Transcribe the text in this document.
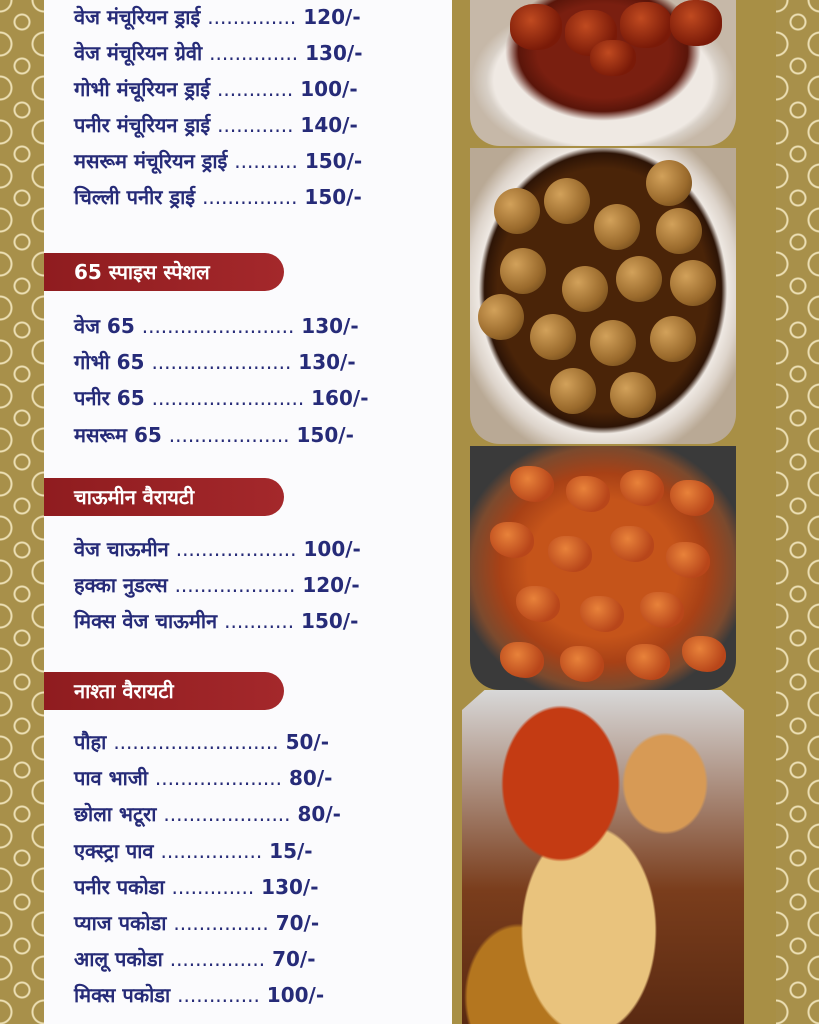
वेज मंचूरियन ड्राई .............. 120/-
वेज मंचूरियन ग्रेवी .............. 130/-
गोभी मंचूरियन ड्राई ............ 100/-
पनीर मंचूरियन ड्राई ............ 140/-
मसरूम मंचूरियन ड्राई .......... 150/-
चिल्ली पनीर ड्राई ............... 150/-
65 स्पाइस स्पेशल
वेज 65 ........................ 130/-
गोभी 65 ...................... 130/-
पनीर 65 ........................ 160/-
मसरूम 65 ................... 150/-
चाऊमीन वैरायटी
वेज चाऊमीन ................... 100/-
हक्का नुडल्स ................... 120/-
मिक्स वेज चाऊमीन ........... 150/-
नाश्ता वैरायटी
पौहा .......................... 50/-
पाव भाजी .................... 80/-
छोला भटूरा .................... 80/-
एक्स्ट्रा पाव ................ 15/-
पनीर पकोडा ............. 130/-
प्याज पकोडा ............... 70/-
आलू पकोडा ............... 70/-
मिक्स पकोडा ............. 100/-
